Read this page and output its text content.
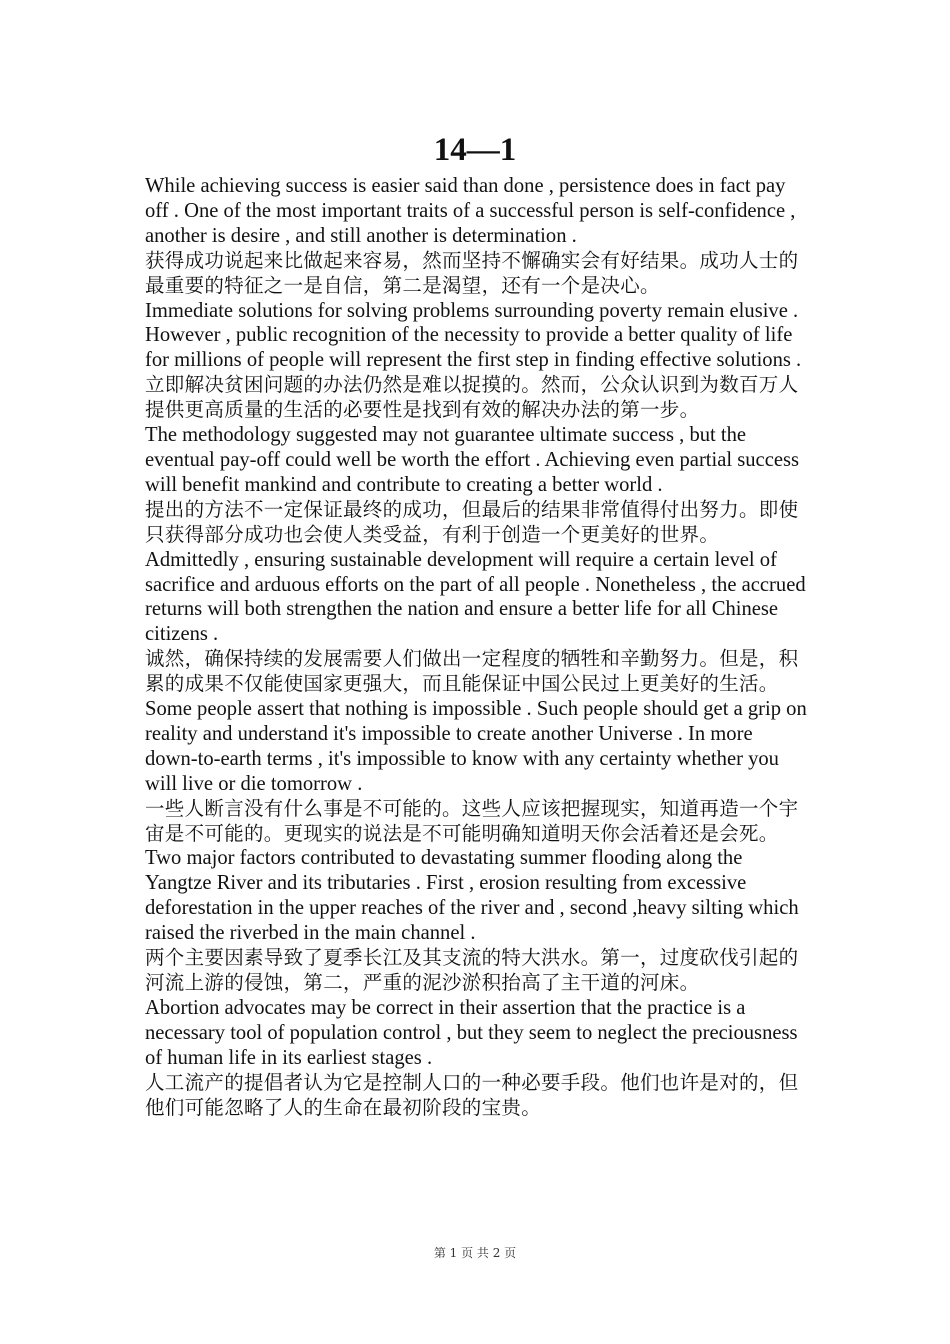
14—1

While achieving success is easier said than done , persistence does in fact pay off . One of the most important traits of a successful person is self-confidence , another is desire , and still another is determination .

获得成功说起来比做起来容易，然而坚持不懈确实会有好结果。成功人士的最重要的特征之一是自信，第二是渴望，还有一个是决心。

Immediate solutions for solving problems surrounding poverty remain elusive . However , public recognition of the necessity to provide a better quality of life for millions of people will represent the first step in finding effective solutions .

立即解决贫困问题的办法仍然是难以捉摸的。然而，公众认识到为数百万人提供更高质量的生活的必要性是找到有效的解决办法的第一步。

The methodology suggested may not guarantee ultimate success , but the eventual pay-off could well be worth the effort . Achieving even partial success will benefit mankind and contribute to creating a better world .

提出的方法不一定保证最终的成功，但最后的结果非常值得付出努力。即使只获得部分成功也会使人类受益，有利于创造一个更美好的世界。

Admittedly , ensuring sustainable development will require a certain level of sacrifice and arduous efforts on the part of all people . Nonetheless , the accrued returns will both strengthen the nation and ensure a better life for all Chinese citizens .

诚然，确保持续的发展需要人们做出一定程度的牺牲和辛勤努力。但是，积累的成果不仅能使国家更强大，而且能保证中国公民过上更美好的生活。

Some people assert that nothing is impossible . Such people should get a grip on reality and understand it's impossible to create another Universe . In more down-to-earth terms , it's impossible to know with any certainty whether you will live or die tomorrow .

一些人断言没有什么事是不可能的。这些人应该把握现实，知道再造一个宇宙是不可能的。更现实的说法是不可能明确知道明天你会活着还是会死。

Two major factors contributed to devastating summer flooding along the Yangtze River and its tributaries . First , erosion resulting from excessive deforestation in the upper reaches of the river and , second ,heavy silting which raised the riverbed in the main channel .

两个主要因素导致了夏季长江及其支流的特大洪水。第一，过度砍伐引起的河流上游的侵蚀，第二，严重的泥沙淤积抬高了主干道的河床。

Abortion advocates may be correct in their assertion that the practice is a necessary tool of population control , but they seem to neglect the preciousness of human life in its earliest stages .

人工流产的提倡者认为它是控制人口的一种必要手段。他们也许是对的，但他们可能忽略了人的生命在最初阶段的宝贵。

第 1 页 共 2 页
